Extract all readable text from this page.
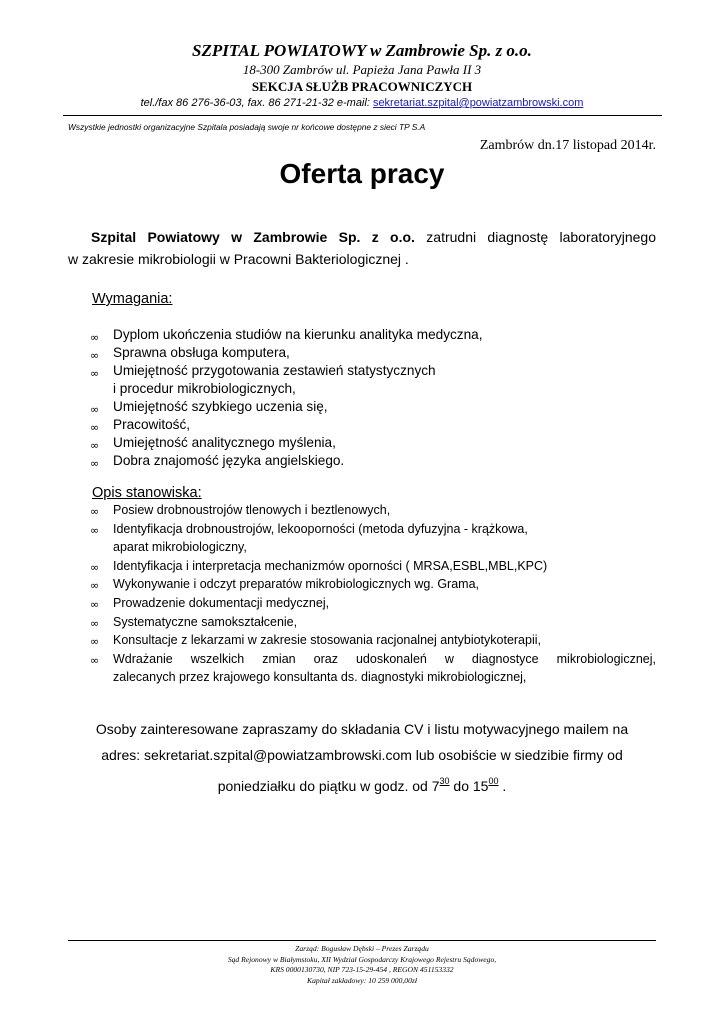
SZPITAL POWIATOWY w Zambrowie Sp. z o.o.
18-300 Zambrów ul. Papieża Jana Pawła II 3
SEKCJA SŁUŻB PRACOWNICZYCH
tel./fax 86 276-36-03, fax. 86 271-21-32 e-mail: sekretariat.szpital@powiatzambrowski.com
Wszystkie jednostki organizacyjne Szpitala posiadają swoje nr końcowe dostępne z sieci TP S.A
Zambrów dn.17 listopad 2014r.
Oferta pracy
Szpital Powiatowy w Zambrowie Sp. z o.o. zatrudni diagnostę laboratoryjnego
w zakresie mikrobiologii w Pracowni Bakteriologicznej .
Wymagania:
∞ Dyplom ukończenia studiów na kierunku analityka medyczna,
∞ Sprawna obsługa komputera,
∞ Umiejętność przygotowania zestawień statystycznych
i procedur mikrobiologicznych,
∞ Umiejętność szybkiego uczenia się,
∞ Pracowitość,
∞ Umiejętność analitycznego myślenia,
∞ Dobra znajomość języka angielskiego.
Opis stanowiska:
∞ Posiew drobnoustrojów tlenowych i beztlenowych,
∞ Identyfikacja drobnoustrojów, lekooporności (metoda dyfuzyjna - krążkowa,
aparat mikrobiologiczny,
∞ Identyfikacja i interpretacja mechanizmów oporności ( MRSA,ESBL,MBL,KPC)
∞ Wykonywanie i odczyt preparatów mikrobiologicznych wg. Grama,
∞ Prowadzenie dokumentacji medycznej,
∞ Systematyczne samokształcenie,
∞ Konsultacje z lekarzami w zakresie stosowania racjonalnej antybiotykoterapii,
∞ Wdrażanie wszelkich zmian oraz udoskonaleń w diagnostyce mikrobiologicznej,
zalecanych przez krajowego konsultanta ds. diagnostyki mikrobiologicznej,
Osoby zainteresowane zapraszamy do składania CV i listu motywacyjnego mailem na
adres: sekretariat.szpital@powiatzambrowski.com lub osobiście w siedzibie firmy od
poniedziałku do piątku w godz. od $7^{30}$ do $15^{00}$ .
Zarząd: Bogusław Dębski – Prezes Zarządu
Sąd Rejonowy w Białymstoku, XII Wydział Gospodarczy Krajowego Rejestru Sądowego,
KRS 0000130730, NIP 723-15-29-454 , REGON 451153332
Kapitał zakładowy: 10 259 000,00zł
